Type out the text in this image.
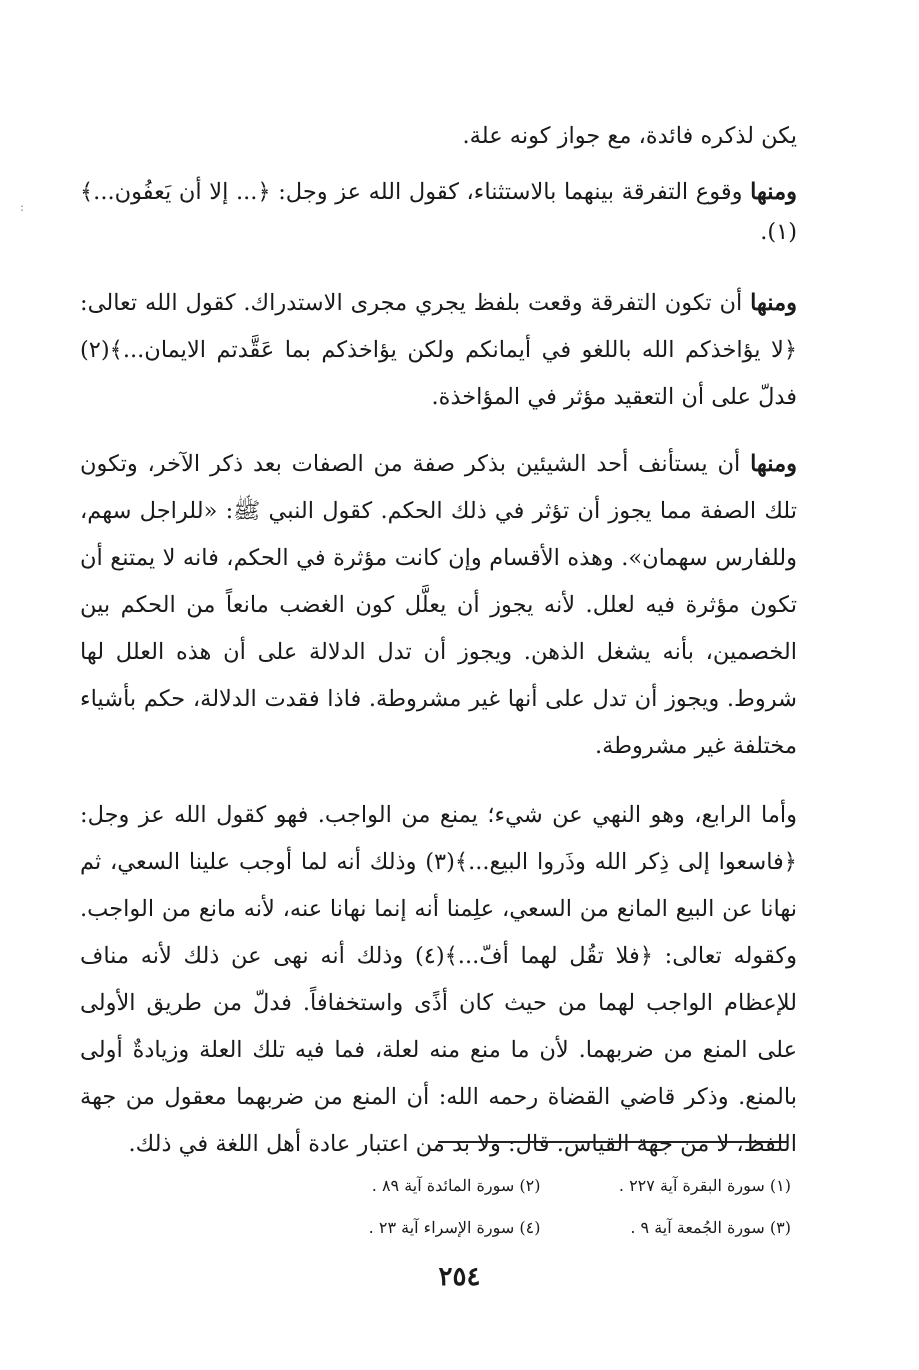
:

يكن لذكره فائدة، مع جواز كونه علة.

ومنها وقوع التفرقة بينهما بالاستثناء، كقول الله عز وجل: ﴿... إلا أن يَعفُون...﴾(١).

ومنها أن تكون التفرقة وقعت بلفظ يجري مجرى الاستدراك. كقول الله تعالى: ﴿لا يؤاخذكم الله باللغو في أيمانكم ولكن يؤاخذكم بما عَقَّدتم الايمان...﴾(٢) فدلّ على أن التعقيد مؤثر في المؤاخذة.

ومنها أن يستأنف أحد الشيئين بذكر صفة من الصفات بعد ذكر الآخر، وتكون تلك الصفة مما يجوز أن تؤثر في ذلك الحكم. كقول النبي ﷺ: «للراجل سهم، وللفارس سهمان». وهذه الأقسام وإن كانت مؤثرة في الحكم، فانه لا يمتنع أن تكون مؤثرة فيه لعلل. لأنه يجوز أن يعلَّل كون الغضب مانعاً من الحكم بين الخصمين، بأنه يشغل الذهن. ويجوز أن تدل الدلالة على أن هذه العلل لها شروط. ويجوز أن تدل على أنها غير مشروطة. فاذا فقدت الدلالة، حكم بأشياء مختلفة غير مشروطة.

وأما الرابع، وهو النهي عن شيء؛ يمنع من الواجب. فهو كقول الله عز وجل: ﴿فاسعوا إلى ذِكر الله وذَروا البيع...﴾(٣) وذلك أنه لما أوجب علينا السعي، ثم نهانا عن البيع المانع من السعي، علِمنا أنه إنما نهانا عنه، لأنه مانع من الواجب. وكقوله تعالى: ﴿فلا تقُل لهما أفّ...﴾(٤) وذلك أنه نهى عن ذلك لأنه مناف للإعظام الواجب لهما من حيث كان أذًى واستخفافاً. فدلّ من طريق الأولى على المنع من ضربهما. لأن ما منع منه لعلة، فما فيه تلك العلة وزيادةٌ أولى بالمنع. وذكر قاضي القضاة رحمه الله: أن المنع من ضربهما معقول من جهة اللفظ، لا من جهة القياس. قال: ولا بد من اعتبار عادة أهل اللغة في ذلك.

(١) سورة البقرة آية ٢٢٧ .
(٢) سورة المائدة آية ٨٩ .
(٣) سورة الجُمعة آية ٩ .
(٤) سورة الإسراء آية ٢٣ .
٢٥٤
